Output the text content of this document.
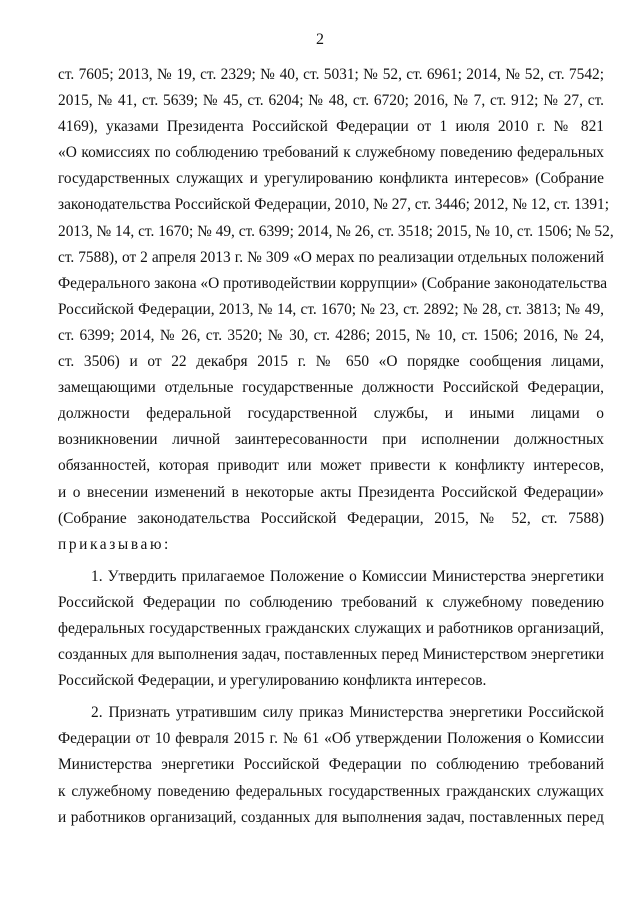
2

ст. 7605; 2013, № 19, ст. 2329; № 40, ст. 5031; № 52, ст. 6961; 2014, № 52, ст. 7542;
2015, № 41, ст. 5639; № 45, ст. 6204; № 48, ст. 6720; 2016, № 7, ст. 912; № 27, ст.
4169), указами Президента Российской Федерации от 1 июля 2010 г. № 821
«О комиссиях по соблюдению требований к служебному поведению федеральных
государственных служащих и урегулированию конфликта интересов» (Собрание
законодательства Российской Федерации, 2010, № 27, ст. 3446; 2012, № 12, ст. 1391;
2013, № 14, ст. 1670; № 49, ст. 6399; 2014, № 26, ст. 3518; 2015, № 10, ст. 1506; № 52,
ст. 7588), от 2 апреля 2013 г. № 309 «О мерах по реализации отдельных положений
Федерального закона «О противодействии коррупции» (Собрание законодательства
Российской Федерации, 2013, № 14, ст. 1670; № 23, ст. 2892; № 28, ст. 3813; № 49,
ст. 6399; 2014, № 26, ст. 3520; № 30, ст. 4286; 2015, № 10, ст. 1506; 2016, № 24,
ст. 3506) и от 22 декабря 2015 г. № 650 «О порядке сообщения лицами,
замещающими отдельные государственные должности Российской Федерации,
должности федеральной государственной службы, и иными лицами о
возникновении личной заинтересованности при исполнении должностных
обязанностей, которая приводит или может привести к конфликту интересов,
и о внесении изменений в некоторые акты Президента Российской Федерации»
(Собрание законодательства Российской Федерации, 2015, № 52, ст. 7588)
приказываю:

1. Утвердить прилагаемое Положение о Комиссии Министерства энергетики
Российской Федерации по соблюдению требований к служебному поведению
федеральных государственных гражданских служащих и работников организаций,
созданных для выполнения задач, поставленных перед Министерством энергетики
Российской Федерации, и урегулированию конфликта интересов.

2. Признать утратившим силу приказ Министерства энергетики Российской
Федерации от 10 февраля 2015 г. № 61 «Об утверждении Положения о Комиссии
Министерства энергетики Российской Федерации по соблюдению требований
к служебному поведению федеральных государственных гражданских служащих
и работников организаций, созданных для выполнения задач, поставленных перед
